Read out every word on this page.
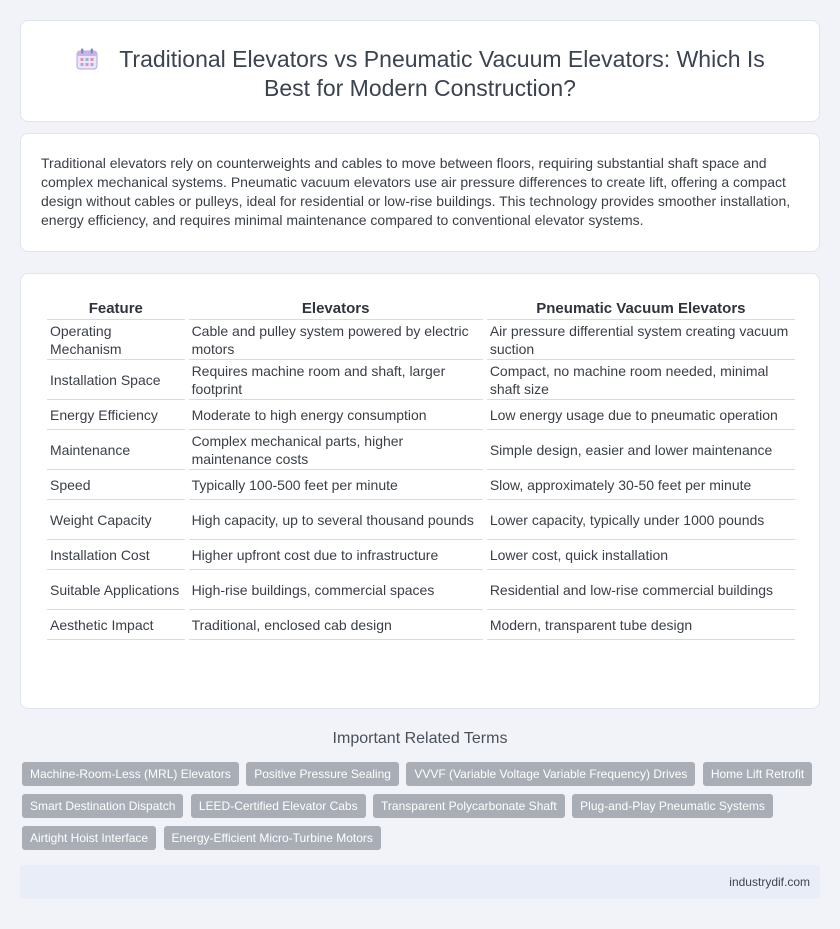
Traditional Elevators vs Pneumatic Vacuum Elevators: Which Is Best for Modern Construction?

Traditional elevators rely on counterweights and cables to move between floors, requiring substantial shaft space and complex mechanical systems. Pneumatic vacuum elevators use air pressure differences to create lift, offering a compact design without cables or pulleys, ideal for residential or low-rise buildings. This technology provides smoother installation, energy efficiency, and requires minimal maintenance compared to conventional elevator systems.

Feature	Elevators	Pneumatic Vacuum Elevators
Operating Mechanism	Cable and pulley system powered by electric motors	Air pressure differential system creating vacuum suction
Installation Space	Requires machine room and shaft, larger footprint	Compact, no machine room needed, minimal shaft size
Energy Efficiency	Moderate to high energy consumption	Low energy usage due to pneumatic operation
Maintenance	Complex mechanical parts, higher maintenance costs	Simple design, easier and lower maintenance
Speed	Typically 100-500 feet per minute	Slow, approximately 30-50 feet per minute
Weight Capacity	High capacity, up to several thousand pounds	Lower capacity, typically under 1000 pounds
Installation Cost	Higher upfront cost due to infrastructure	Lower cost, quick installation
Suitable Applications	High-rise buildings, commercial spaces	Residential and low-rise commercial buildings
Aesthetic Impact	Traditional, enclosed cab design	Modern, transparent tube design
Important Related Terms
Machine-Room-Less (MRL) Elevators Positive Pressure Sealing VVVF (Variable Voltage Variable Frequency) Drives Home Lift Retrofit Smart Destination Dispatch LEED-Certified Elevator Cabs Transparent Polycarbonate Shaft Plug-and-Play Pneumatic Systems Airtight Hoist Interface Energy-Efficient Micro-Turbine Motors
industrydif.com
